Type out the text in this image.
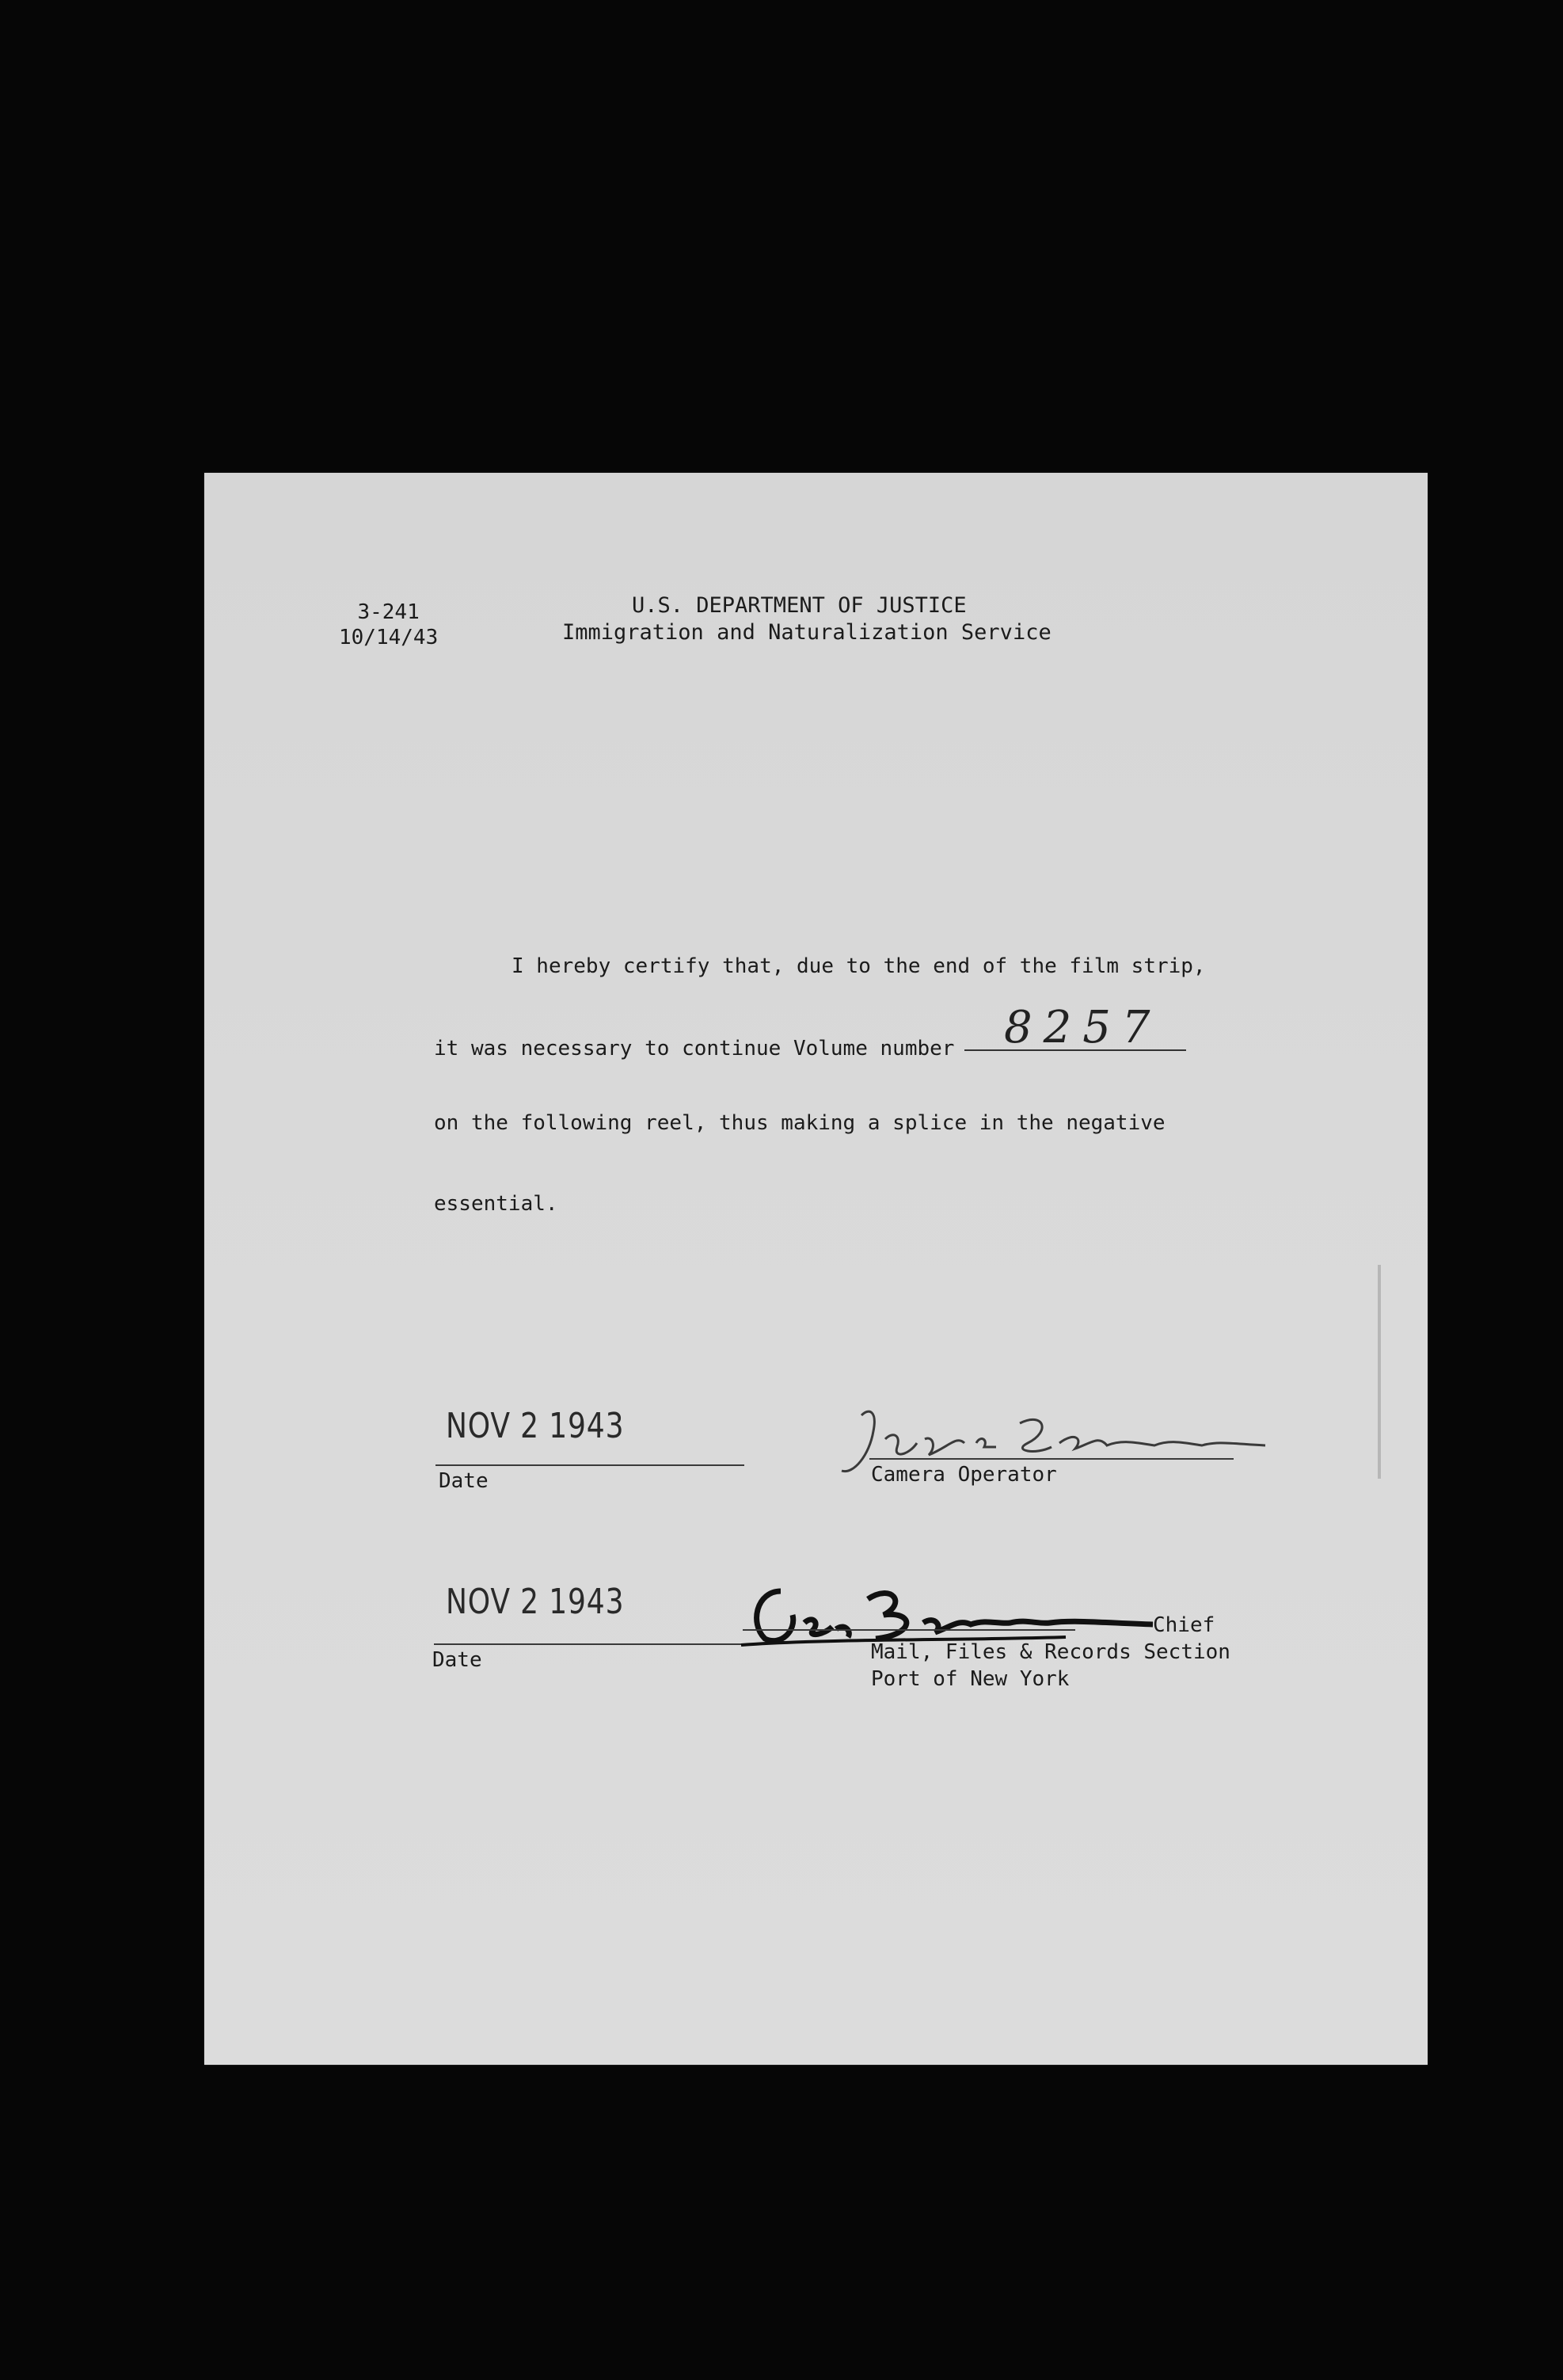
3-241
10/14/43
U.S. DEPARTMENT OF JUSTICE
Immigration and Naturalization Service
I hereby certify that, due to the end of the film strip,
it was necessary to continue Volume number 8257
on the following reel, thus making a splice in the negative
essential.
NOV 2 1943
Date	Camera Operator
NOV 2 1943
Date
Chief
Mail, Files & Records Section
Port of New York
